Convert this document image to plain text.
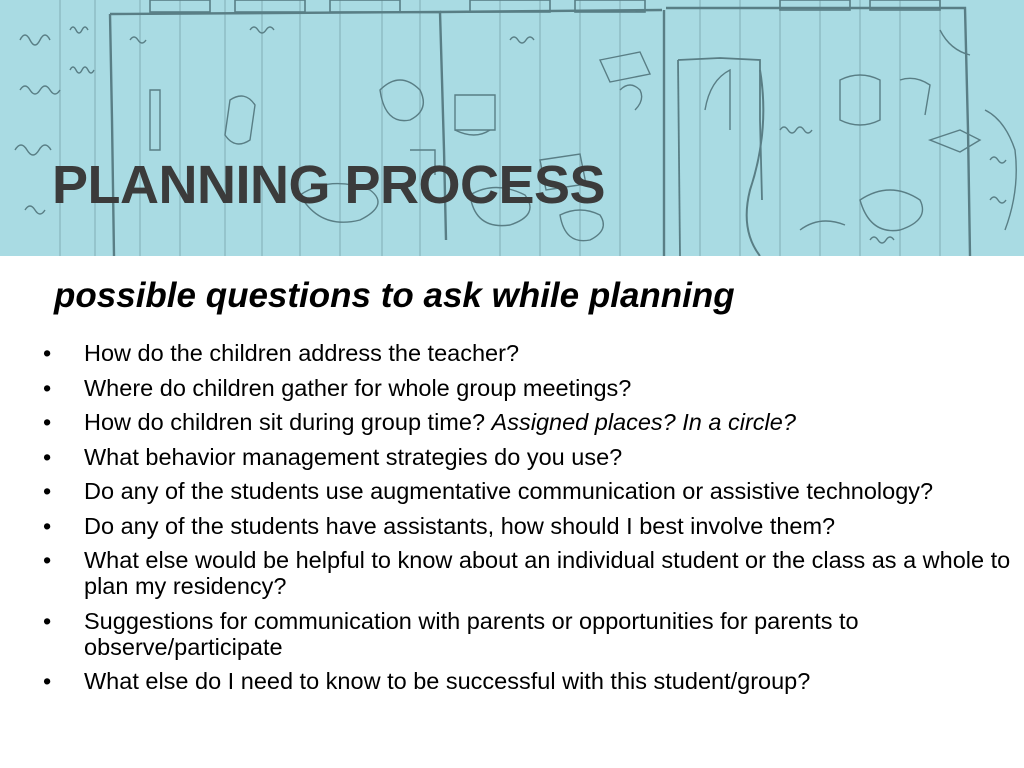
PLANNING PROCESS
possible questions to ask while planning
• How do the children address the teacher?
• Where do children gather for whole group meetings?
• How do children sit during group time? Assigned places? In a circle?
• What behavior management strategies do you use?
• Do any of the students use augmentative communication or assistive technology?
• Do any of the students have assistants, how should I best involve them?
• What else would be helpful to know about an individual student or the class as a whole to plan my residency?
• Suggestions for communication with parents or opportunities for parents to observe/participate
• What else do I need to know to be successful with this student/group?
